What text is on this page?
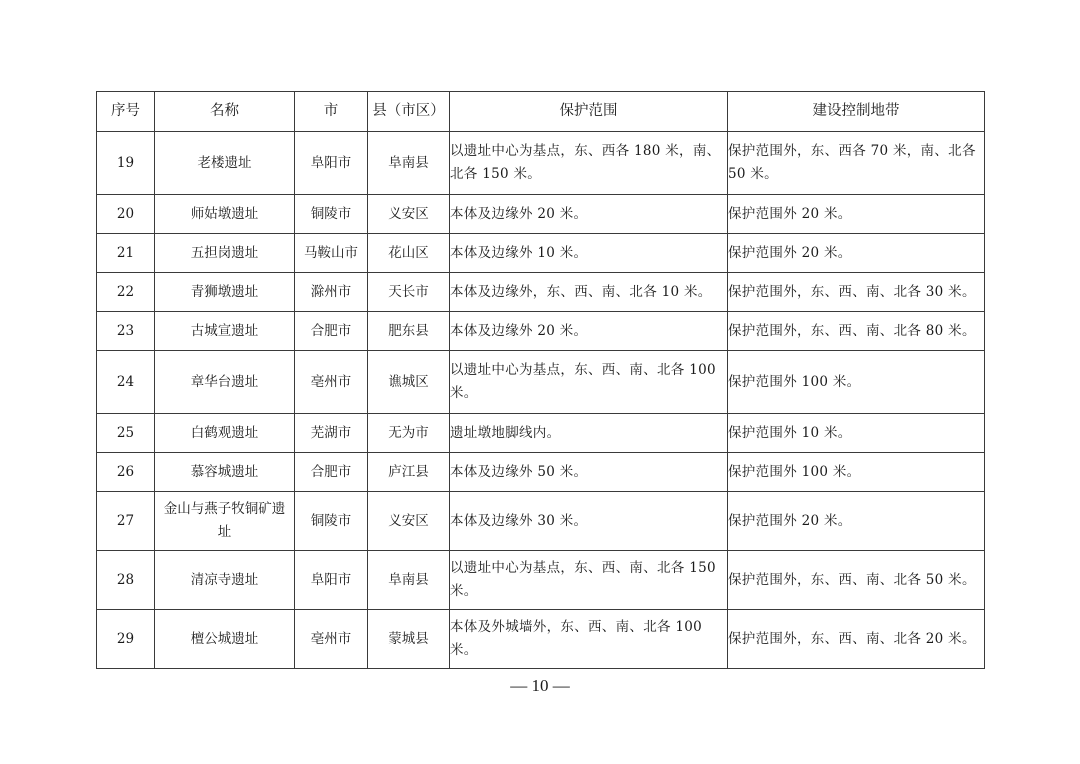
序号	名称	市	县（市区）	保护范围	建设控制地带
19	老楼遗址	阜阳市	阜南县	以遗址中心为基点，东、西各 180 米，南、北各 150 米。	保护范围外，东、西各 70 米，南、北各 50 米。
20	师姑墩遗址	铜陵市	义安区	本体及边缘外 20 米。	保护范围外 20 米。
21	五担岗遗址	马鞍山市	花山区	本体及边缘外 10 米。	保护范围外 20 米。
22	青狮墩遗址	滁州市	天长市	本体及边缘外，东、西、南、北各 10 米。	保护范围外，东、西、南、北各 30 米。
23	古城宣遗址	合肥市	肥东县	本体及边缘外 20 米。	保护范围外，东、西、南、北各 80 米。
24	章华台遗址	亳州市	谯城区	以遗址中心为基点，东、西、南、北各 100 米。	保护范围外 100 米。
25	白鹤观遗址	芜湖市	无为市	遗址墩地脚线内。	保护范围外 10 米。
26	慕容城遗址	合肥市	庐江县	本体及边缘外 50 米。	保护范围外 100 米。
27	金山与燕子牧铜矿遗址	铜陵市	义安区	本体及边缘外 30 米。	保护范围外 20 米。
28	清凉寺遗址	阜阳市	阜南县	以遗址中心为基点，东、西、南、北各 150 米。	保护范围外，东、西、南、北各 50 米。
29	檀公城遗址	亳州市	蒙城县	本体及外城墙外，东、西、南、北各 100 米。	保护范围外，东、西、南、北各 20 米。
— 10 —
